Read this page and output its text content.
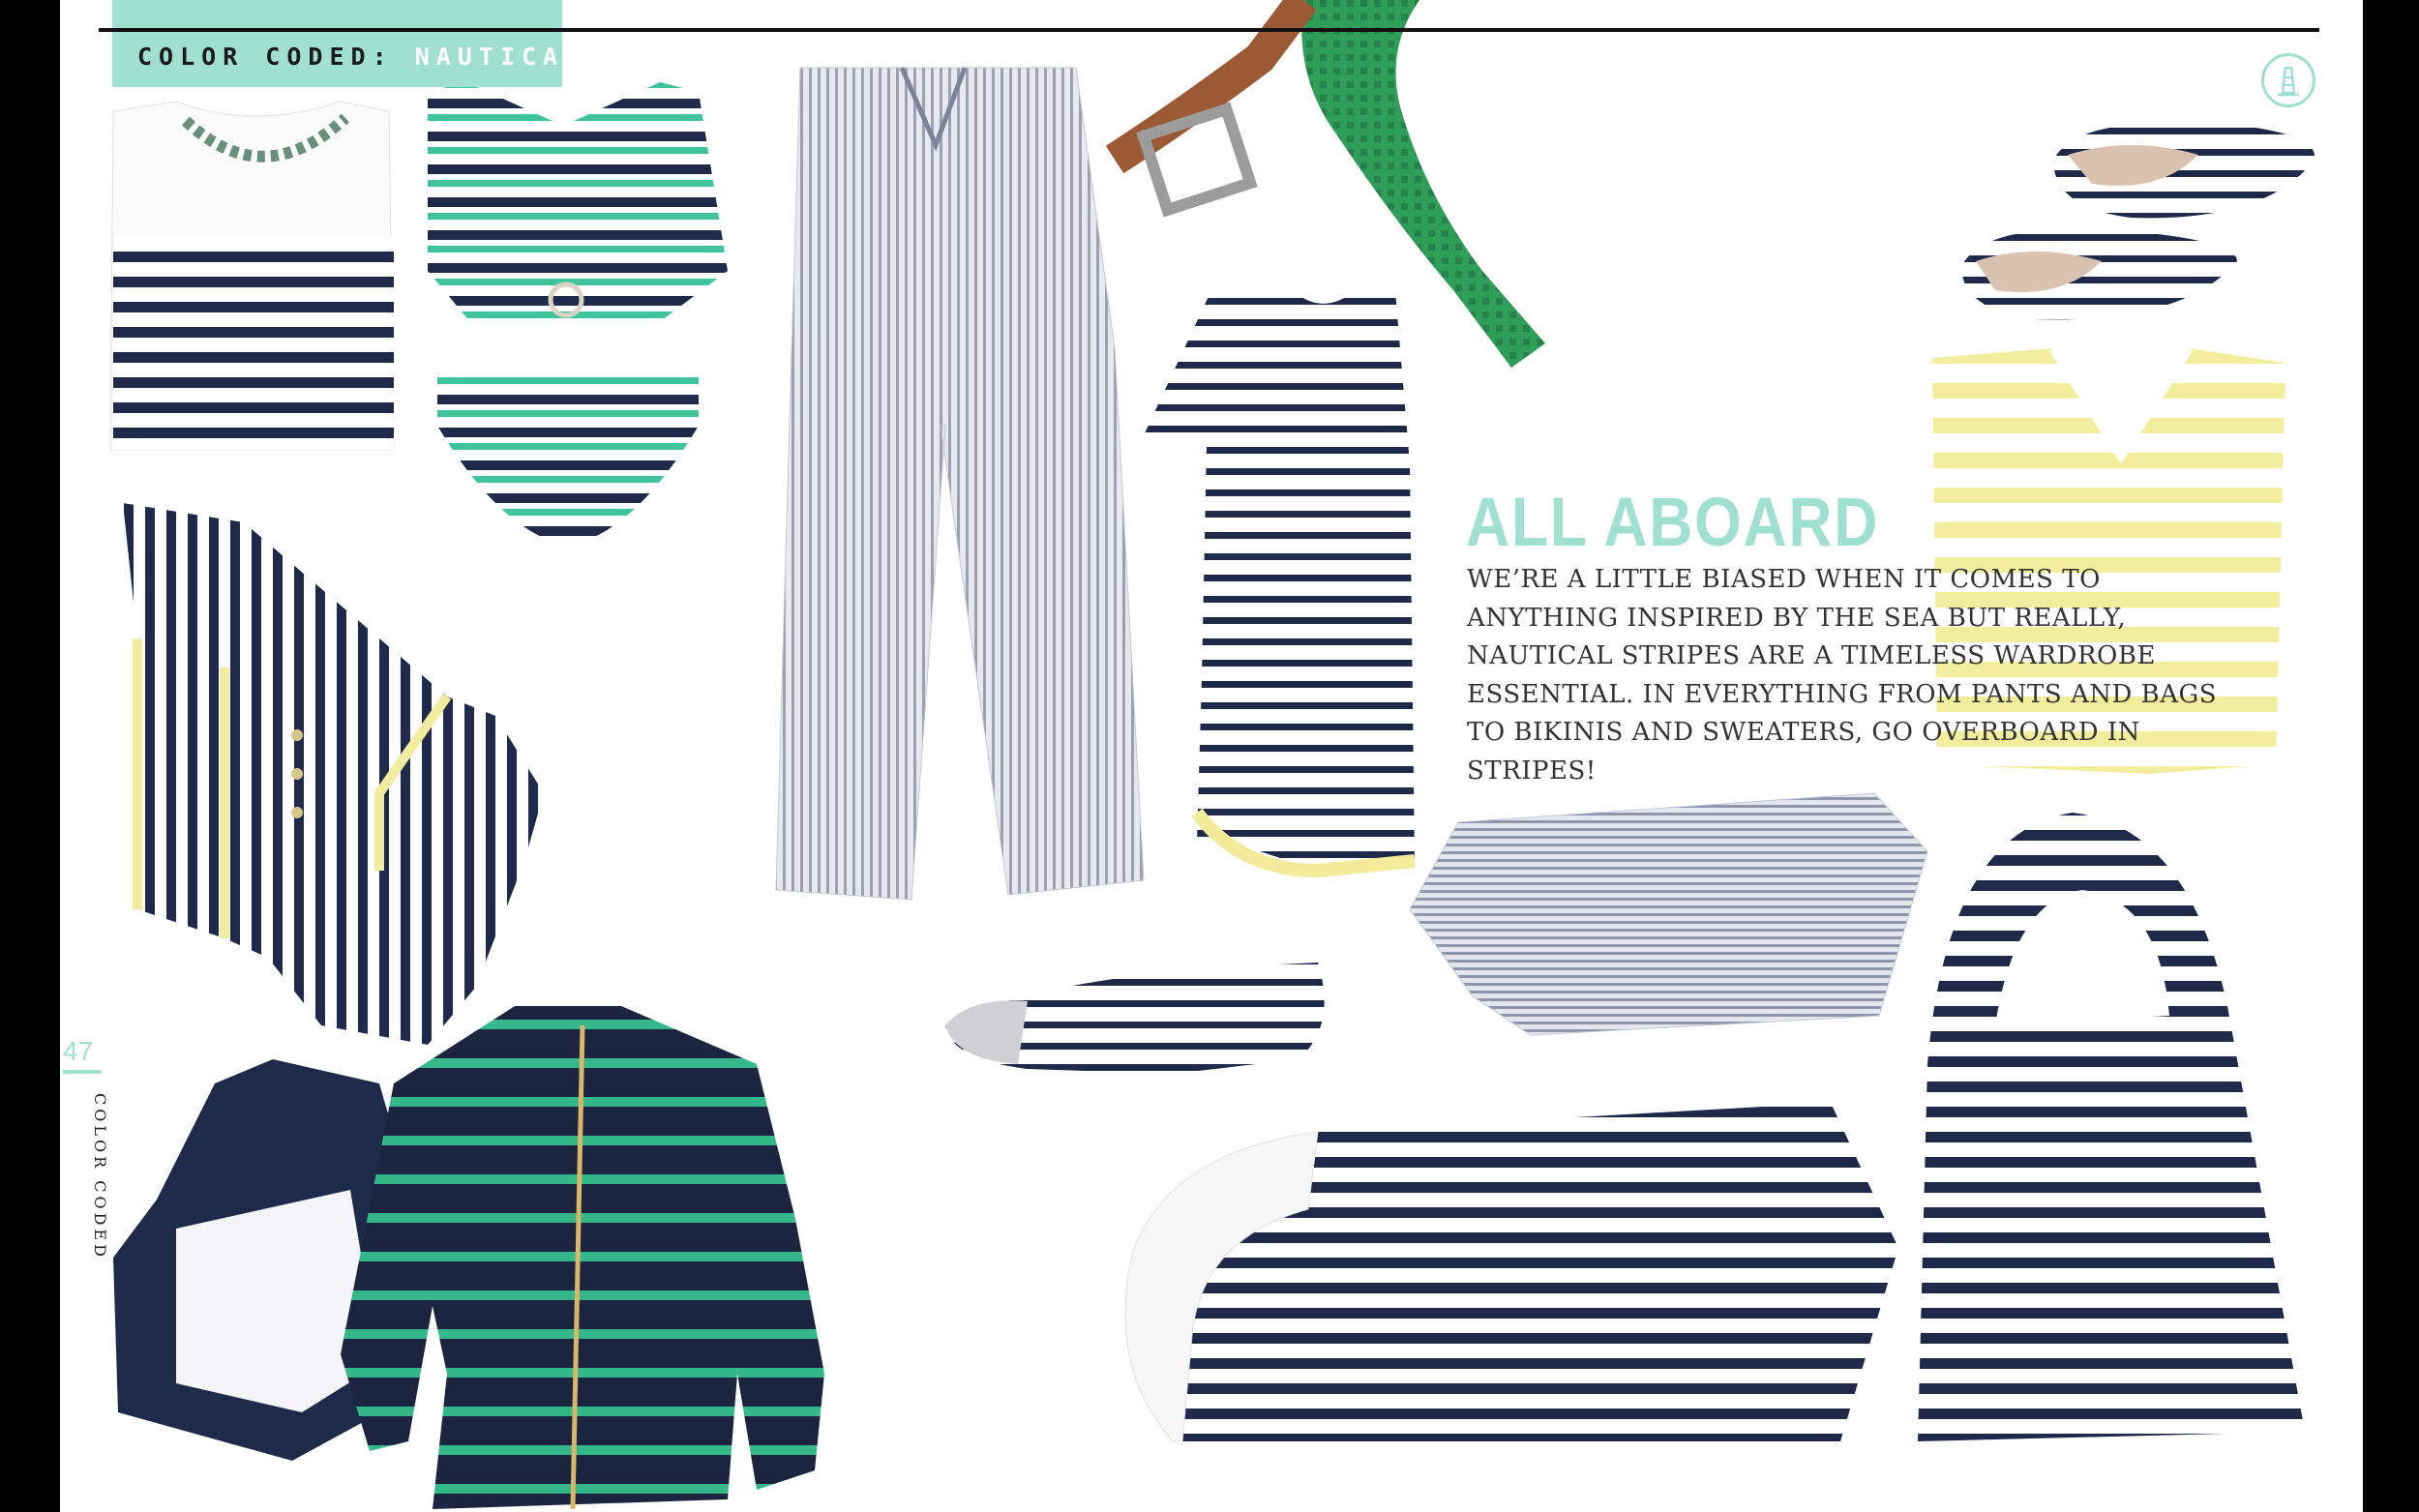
COLOR CODED: NAUTICAL
47
COLOR CODED
ALL ABOARD
WE’RE A LITTLE BIASED WHEN IT COMES TO ANYTHING INSPIRED BY THE SEA BUT REALLY, NAUTICAL STRIPES ARE A TIMELESS WARDROBE ESSENTIAL. IN EVERYTHING FROM PANTS AND BAGS TO BIKINIS AND SWEATERS, GO OVERBOARD IN STRIPES!
